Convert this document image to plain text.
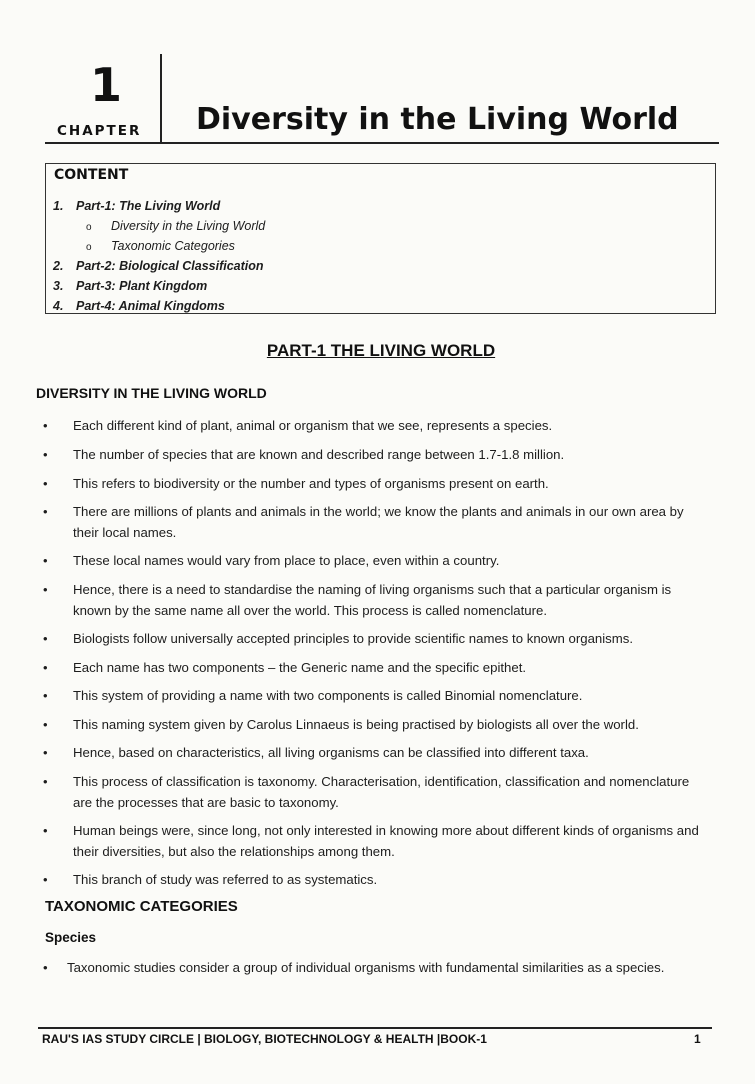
1
CHAPTER Diversity in the Living World
CONTENT
1. Part-1: The Living World
o Diversity in the Living World
o Taxonomic Categories
2. Part-2: Biological Classification
3. Part-3: Plant Kingdom
4. Part-4: Animal Kingdoms
PART-1 THE LIVING WORLD
DIVERSITY IN THE LIVING WORLD
• Each different kind of plant, animal or organism that we see, represents a species.
• The number of species that are known and described range between 1.7-1.8 million.
• This refers to biodiversity or the number and types of organisms present on earth.
• There are millions of plants and animals in the world; we know the plants and animals in our own area by their local names.
• These local names would vary from place to place, even within a country.
• Hence, there is a need to standardise the naming of living organisms such that a particular organism is known by the same name all over the world. This process is called nomenclature.
• Biologists follow universally accepted principles to provide scientific names to known organisms.
• Each name has two components – the Generic name and the specific epithet.
• This system of providing a name with two components is called Binomial nomenclature.
• This naming system given by Carolus Linnaeus is being practised by biologists all over the world.
• Hence, based on characteristics, all living organisms can be classified into different taxa.
• This process of classification is taxonomy. Characterisation, identification, classification and nomenclature are the processes that are basic to taxonomy.
• Human beings were, since long, not only interested in knowing more about different kinds of organisms and their diversities, but also the relationships among them.
• This branch of study was referred to as systematics.
TAXONOMIC CATEGORIES
Species
• Taxonomic studies consider a group of individual organisms with fundamental similarities as a species.
RAU'S IAS STUDY CIRCLE | BIOLOGY, BIOTECHNOLOGY & HEALTH |BOOK-1	1
